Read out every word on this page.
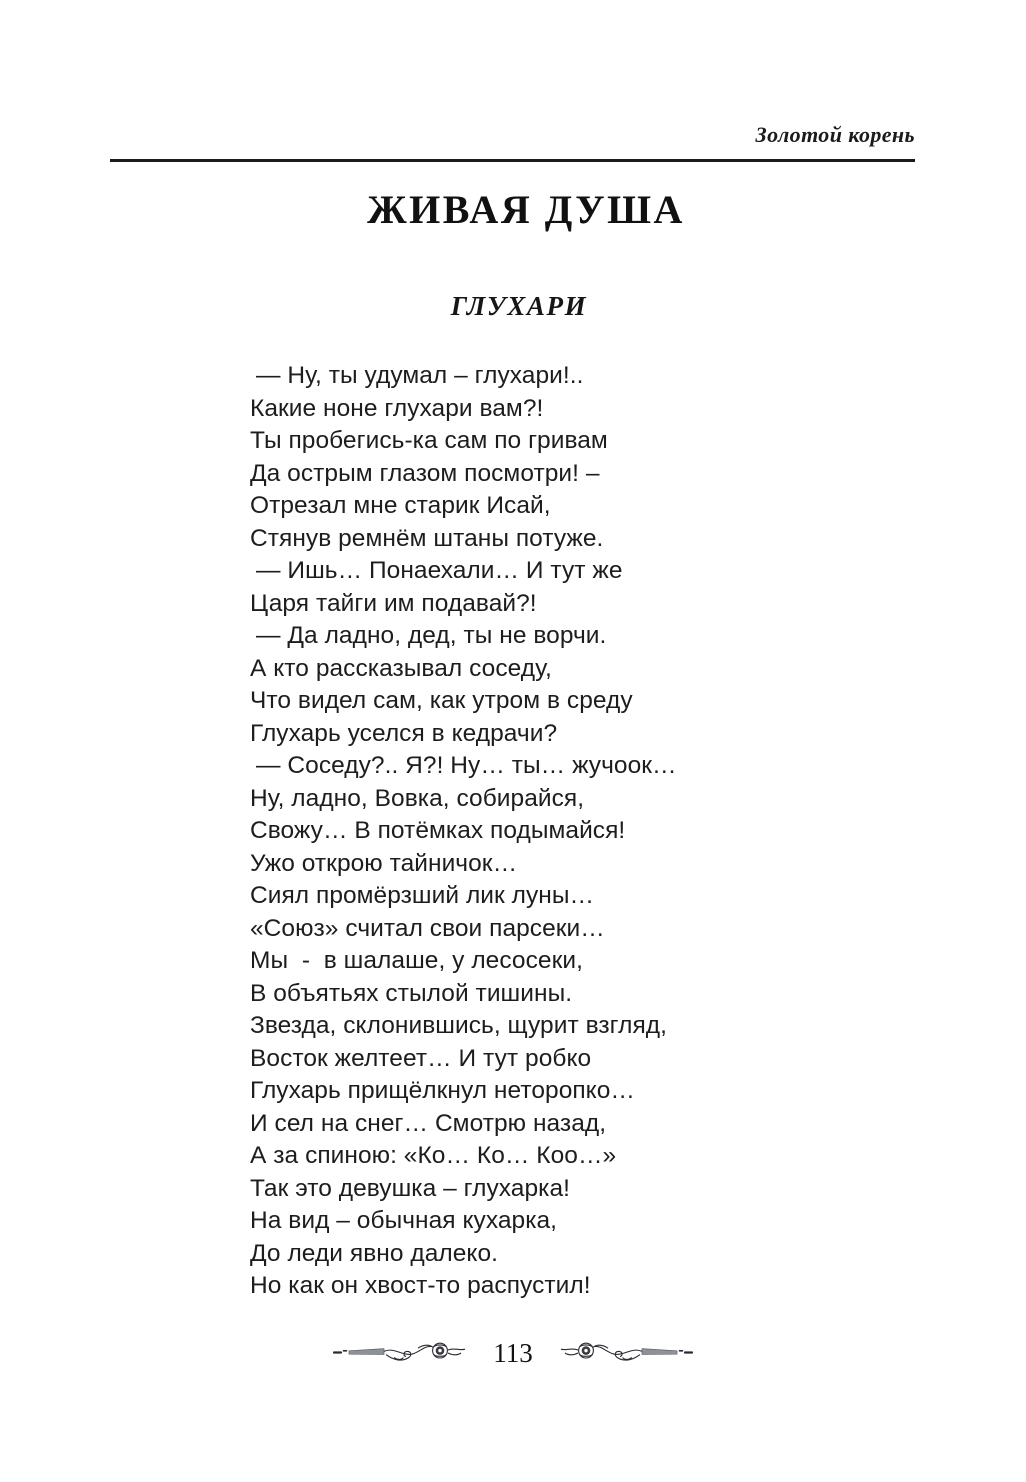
Золотой корень
ЖИВАЯ ДУША
ГЛУХАРИ
— Ну, ты удумал – глухари!..
Какие ноне глухари вам?!
Ты пробегись-ка сам по гривам
Да острым глазом посмотри! –
Отрезал мне старик Исай,
Стянув ремнём штаны потуже.
— Ишь… Понаехали… И тут же
Царя тайги им подавай?!
— Да ладно, дед, ты не ворчи.
А кто рассказывал соседу,
Что видел сам, как утром в среду
Глухарь уселся в кедрачи?
— Соседу?.. Я?! Ну… ты… жучоок…
Ну, ладно, Вовка, собирайся,
Свожу… В потёмках подымайся!
Ужо открою тайничок…
Сиял промёрзший лик луны…
«Союз» считал свои парсеки…
Мы  -  в шалаше, у лесосеки,
В объятьях стылой тишины.
Звезда, склонившись, щурит взгляд,
Восток желтеет… И тут робко
Глухарь прищёлкнул неторопко…
И сел на снег… Смотрю назад,
А за спиною: «Ко… Ко… Коо…»
Так это девушка – глухарка!
На вид – обычная кухарка,
До леди явно далеко.
Но как он хвост-то распустил!
113
